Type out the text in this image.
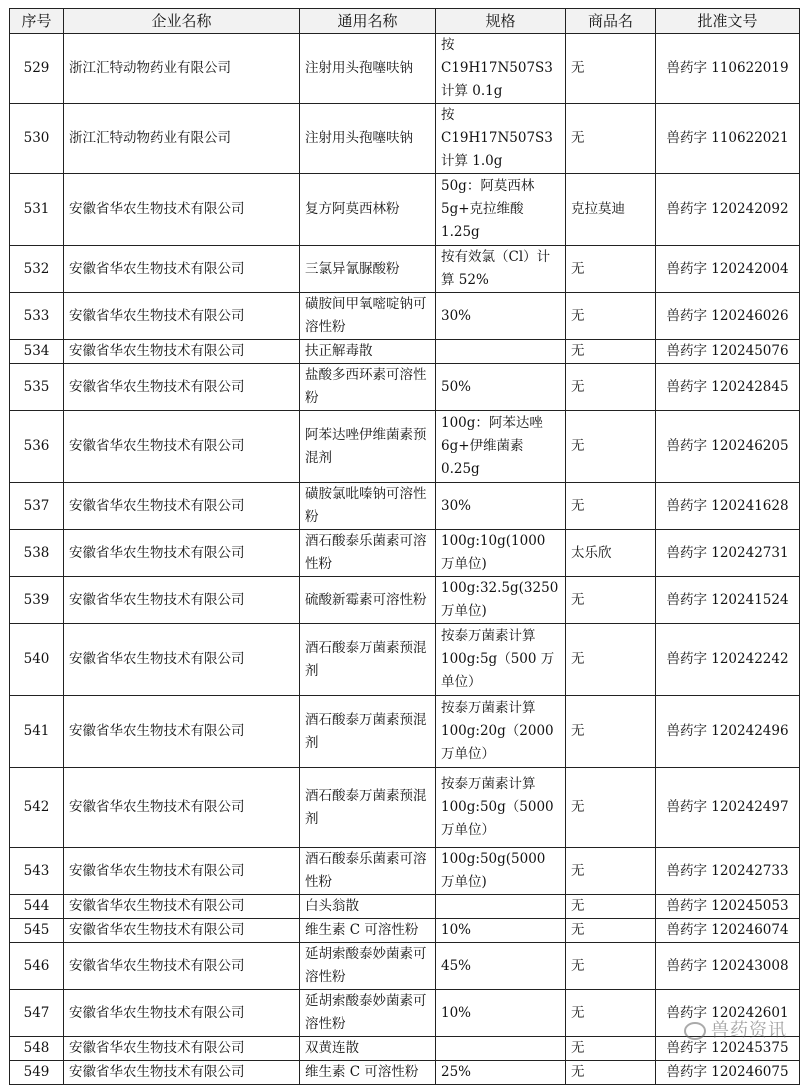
序号	企业名称	通用名称	规格	商品名	批准文号
529	浙江汇特动物药业有限公司	注射用头孢噻呋钠	按 C19H17N507S3 计算 0.1g	无	兽药字 110622019
530	浙江汇特动物药业有限公司	注射用头孢噻呋钠	按 C19H17N507S3 计算 1.0g	无	兽药字 110622021
531	安徽省华农生物技术有限公司	复方阿莫西林粉	50g：阿莫西林 5g+克拉维酸 1.25g	克拉莫迪	兽药字 120242092
532	安徽省华农生物技术有限公司	三氯异氰脲酸粉	按有效氯（Cl）计算 52%	无	兽药字 120242004
533	安徽省华农生物技术有限公司	磺胺间甲氧嘧啶钠可溶性粉	30%	无	兽药字 120246026
534	安徽省华农生物技术有限公司	扶正解毒散		无	兽药字 120245076
535	安徽省华农生物技术有限公司	盐酸多西环素可溶性粉	50%	无	兽药字 120242845
536	安徽省华农生物技术有限公司	阿苯达唑伊维菌素预混剂	100g：阿苯达唑 6g+伊维菌素 0.25g	无	兽药字 120246205
537	安徽省华农生物技术有限公司	磺胺氯吡嗪钠可溶性粉	30%	无	兽药字 120241628
538	安徽省华农生物技术有限公司	酒石酸泰乐菌素可溶性粉	100g:10g(1000 万单位)	太乐欣	兽药字 120242731
539	安徽省华农生物技术有限公司	硫酸新霉素可溶性粉	100g:32.5g(3250 万单位)	无	兽药字 120241524
540	安徽省华农生物技术有限公司	酒石酸泰万菌素预混剂	按泰万菌素计算 100g:5g（500 万单位）	无	兽药字 120242242
541	安徽省华农生物技术有限公司	酒石酸泰万菌素预混剂	按泰万菌素计算 100g:20g（2000 万单位）	无	兽药字 120242496
542	安徽省华农生物技术有限公司	酒石酸泰万菌素预混剂	按泰万菌素计算 100g:50g（5000 万单位）	无	兽药字 120242497
543	安徽省华农生物技术有限公司	酒石酸泰乐菌素可溶性粉	100g:50g(5000 万单位)	无	兽药字 120242733
544	安徽省华农生物技术有限公司	白头翁散		无	兽药字 120245053
545	安徽省华农生物技术有限公司	维生素 C 可溶性粉	10%	无	兽药字 120246074
546	安徽省华农生物技术有限公司	延胡索酸泰妙菌素可溶性粉	45%	无	兽药字 120243008
547	安徽省华农生物技术有限公司	延胡索酸泰妙菌素可溶性粉	10%	无	兽药字 120242601
548	安徽省华农生物技术有限公司	双黄连散		无	兽药字 120245375
549	安徽省华农生物技术有限公司	维生素 C 可溶性粉	25%	无	兽药字 120246075
兽药资讯
